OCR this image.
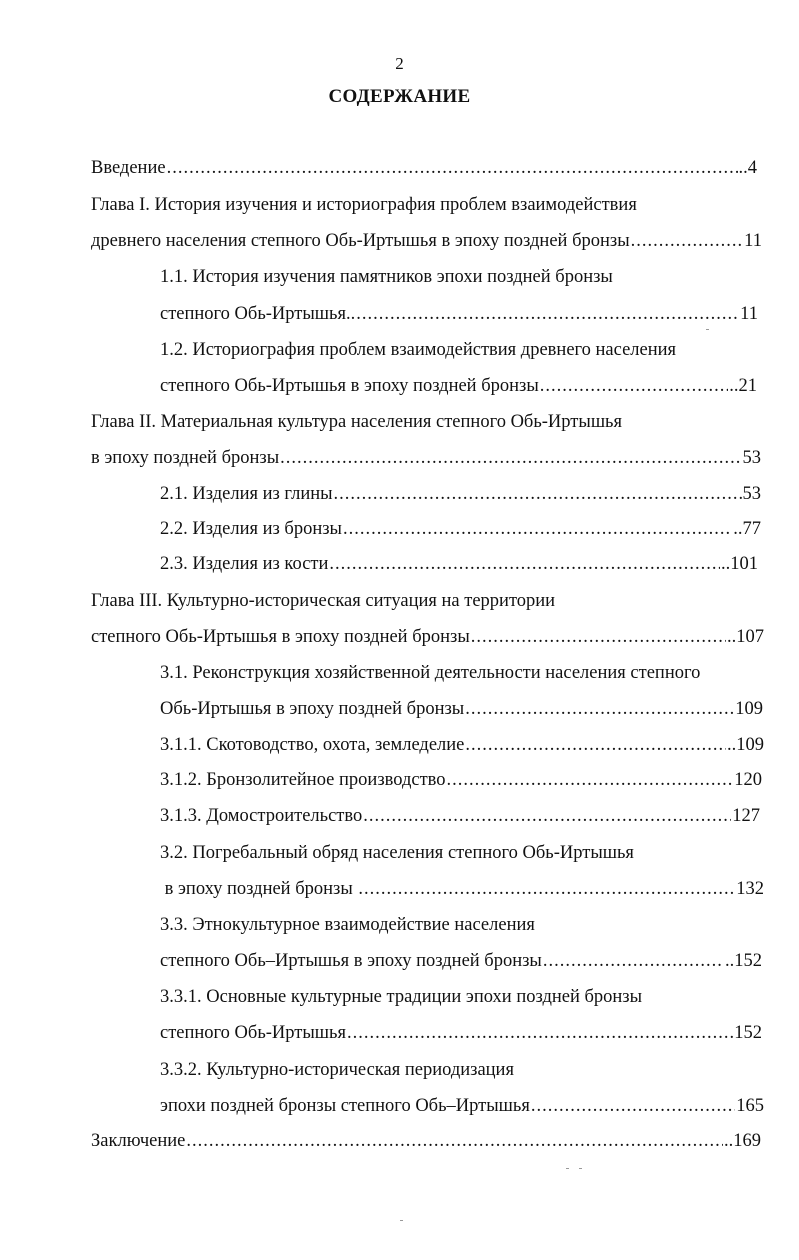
2
СОДЕРЖАНИЕ
Введение .....	..4
Глава I. История изучения и историография проблем взаимодействия
древнего населения степного Обь-Иртышья в эпоху поздней бронзы .....	11
1.1. История изучения памятников эпохи поздней бронзы
степного Обь-Иртышья.. .....	11
1.2. Историография проблем взаимодействия древнего населения
степного Обь-Иртышья в эпоху поздней бронзы .....	..21
Глава II. Материальная культура населения степного Обь-Иртышья
в эпоху поздней бронзы .....	53
2.1. Изделия из глины .....	53
2.2. Изделия из бронзы .....	..77
2.3. Изделия из кости .....	..101
Глава III. Культурно-историческая ситуация на территории
степного Обь-Иртышья в эпоху поздней бронзы .....	..107
3.1. Реконструкция хозяйственной деятельности населения степного
Обь-Иртышья в эпоху поздней бронзы .....	109
3.1.1. Скотоводство, охота, земледелие .....	..109
3.1.2. Бронзолитейное производство .....	120
3.1.3. Домостроительство .....	127
3.2. Погребальный обряд населения степного Обь-Иртышья
в эпоху поздней бронзы .....	132
3.3. Этнокультурное взаимодействие населения
степного Обь–Иртышья в эпоху поздней бронзы .....	..152
3.3.1. Основные культурные традиции эпохи поздней бронзы
степного Обь-Иртышья .....	152
3.3.2. Культурно-историческая периодизация
эпохи поздней бронзы степного Обь–Иртышья .....	165
Заключение .....	..169
